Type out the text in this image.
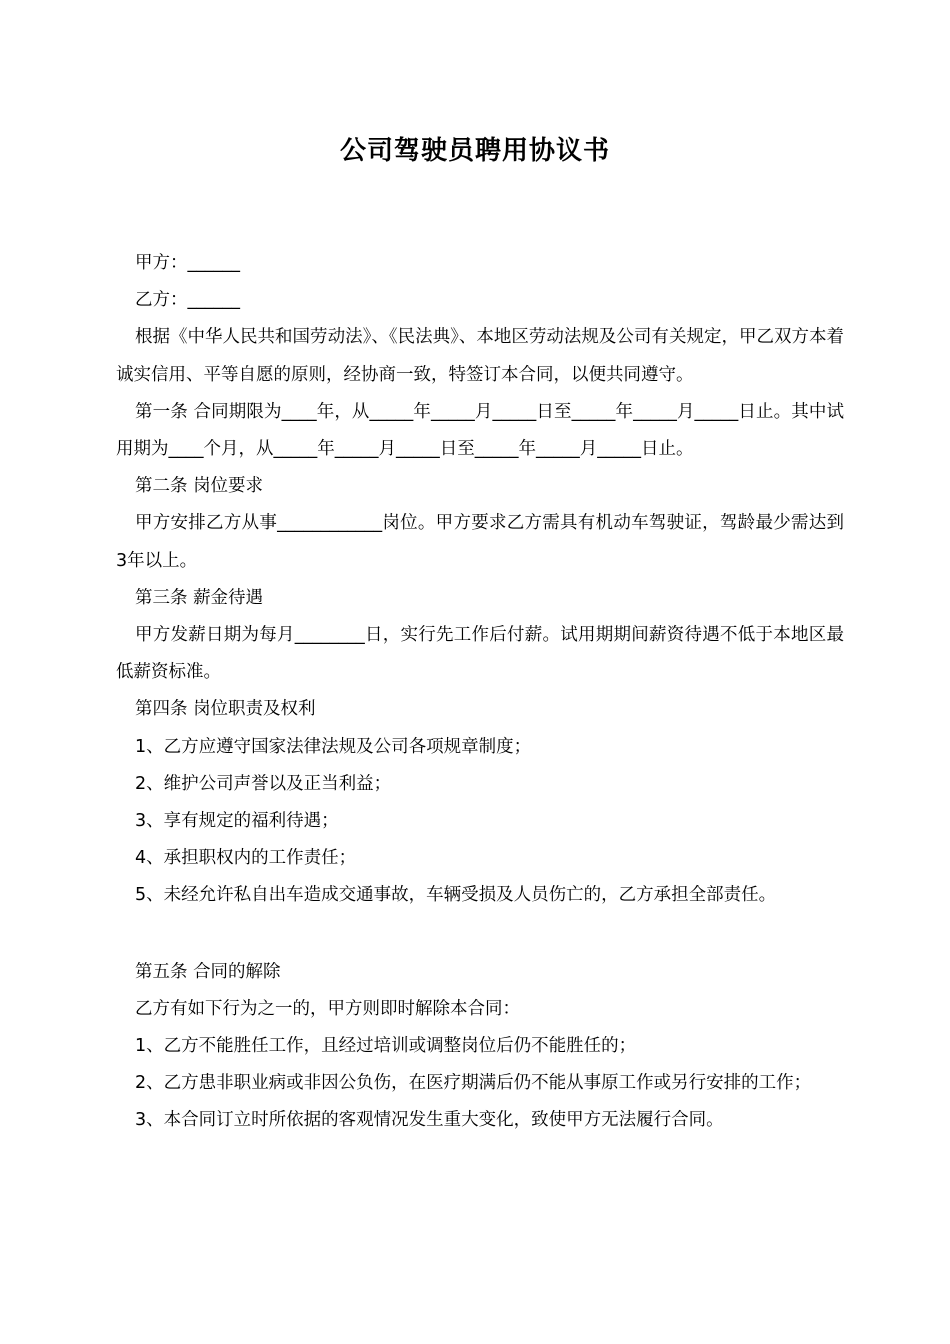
公司驾驶员聘用协议书

甲方：______

乙方：______

根据《中华人民共和国劳动法》、《民法典》、本地区劳动法规及公司有关规定，甲乙双方本着诚实信用、平等自愿的原则，经协商一致，特签订本合同，以便共同遵守。

第一条 合同期限为____年，从_____年_____月_____日至_____年_____月_____日止。其中试用期为____个月，从_____年_____月_____日至_____年_____月_____日止。

第二条 岗位要求

甲方安排乙方从事____________岗位。甲方要求乙方需具有机动车驾驶证，驾龄最少需达到3年以上。

第三条 薪金待遇

甲方发薪日期为每月________日，实行先工作后付薪。试用期期间薪资待遇不低于本地区最低薪资标准。

第四条 岗位职责及权利

1、乙方应遵守国家法律法规及公司各项规章制度；

2、维护公司声誉以及正当利益；

3、享有规定的福利待遇；

4、承担职权内的工作责任；

5、未经允许私自出车造成交通事故，车辆受损及人员伤亡的，乙方承担全部责任。

第五条 合同的解除

乙方有如下行为之一的，甲方则即时解除本合同：

1、乙方不能胜任工作，且经过培训或调整岗位后仍不能胜任的；

2、乙方患非职业病或非因公负伤，在医疗期满后仍不能从事原工作或另行安排的工作；

3、本合同订立时所依据的客观情况发生重大变化，致使甲方无法履行合同。
